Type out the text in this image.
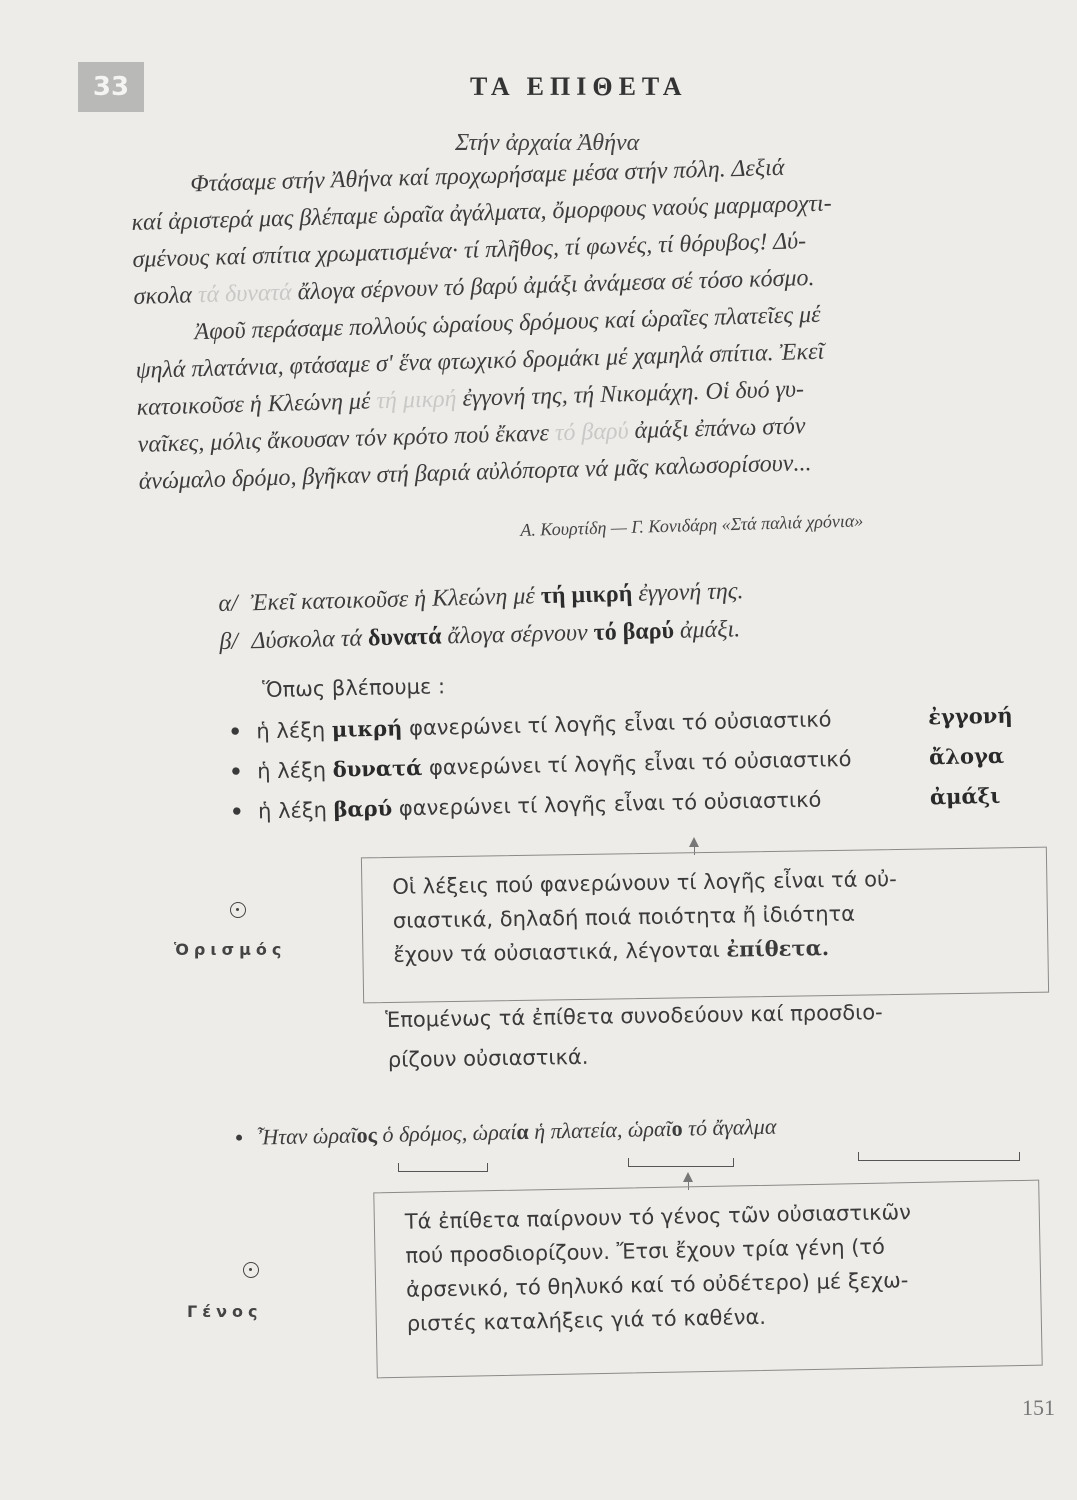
33	ΤΑ ΕΠΙΘΕΤΑ
Στήν ἀρχαία Ἀθήνα
Φτάσαμε στήν Ἀθήνα καί προχωρήσαμε μέσα στήν πόλη. Δεξιά
καί ἀριστερά μας βλέπαμε ὡραῖα ἀγάλματα, ὄμορφους ναούς μαρμαροχτι-
σμένους καί σπίτια χρωματισμένα· τί πλῆθος, τί φωνές, τί θόρυβος! Δύ-
σκολα τά δυνατά ἄλογα σέρνουν τό βαρύ ἀμάξι ἀνάμεσα σέ τόσο κόσμο.
Ἀφοῦ περάσαμε πολλούς ὡραίους δρόμους καί ὡραῖες πλατεῖες μέ
ψηλά πλατάνια, φτάσαμε σ' ἕνα φτωχικό δρομάκι μέ χαμηλά σπίτια. Ἐκεῖ
κατοικοῦσε ἡ Κλεώνη μέ τή μικρή ἐγγονή της, τή Νικομάχη. Οἱ δυό γυ-
ναῖκες, μόλις ἄκουσαν τόν κρότο πού ἔκανε τό βαρύ ἀμάξι ἐπάνω στόν
ἀνώμαλο δρόμο, βγῆκαν στή βαριά αὐλόπορτα νά μᾶς καλωσορίσουν...
Α. Κουρτίδη — Γ. Κονιδάρη «Στά παλιά χρόνια»
α/ Ἐκεῖ κατοικοῦσε ἡ Κλεώνη μέ τή μικρή ἐγγονή της.
β/ Δύσκολα τά δυνατά ἄλογα σέρνουν τό βαρύ ἀμάξι.
Ὅπως βλέπουμε :
• ἡ λέξη μικρή φανερώνει τί λογῆς εἶναι τό οὐσιαστικό	ἐγγονή
• ἡ λέξη δυνατά φανερώνει τί λογῆς εἶναι τό οὐσιαστικό	ἄλογα
• ἡ λέξη βαρύ φανερώνει τί λογῆς εἶναι τό οὐσιαστικό	ἀμάξι
Ὁρισμός
Οἱ λέξεις πού φανερώνουν τί λογῆς εἶναι τά οὐ-
σιαστικά, δηλαδή ποιά ποιότητα ἤ ἰδιότητα
ἔχουν τά οὐσιαστικά, λέγονται ἐπίθετα.
Ἑπομένως τά ἐπίθετα συνοδεύουν καί προσδιο-
ρίζουν οὐσιαστικά.
• Ἦταν ὡραῖος ὁ δρόμος, ὡραία ἡ πλατεία, ὡραῖο τό ἄγαλμα
Γένος
Τά ἐπίθετα παίρνουν τό γένος τῶν οὐσιαστικῶν
πού προσδιορίζουν. Ἔτσι ἔχουν τρία γένη (τό
ἀρσενικό, τό θηλυκό καί τό οὐδέτερο) μέ ξεχω-
ριστές καταλήξεις γιά τό καθένα.
151
